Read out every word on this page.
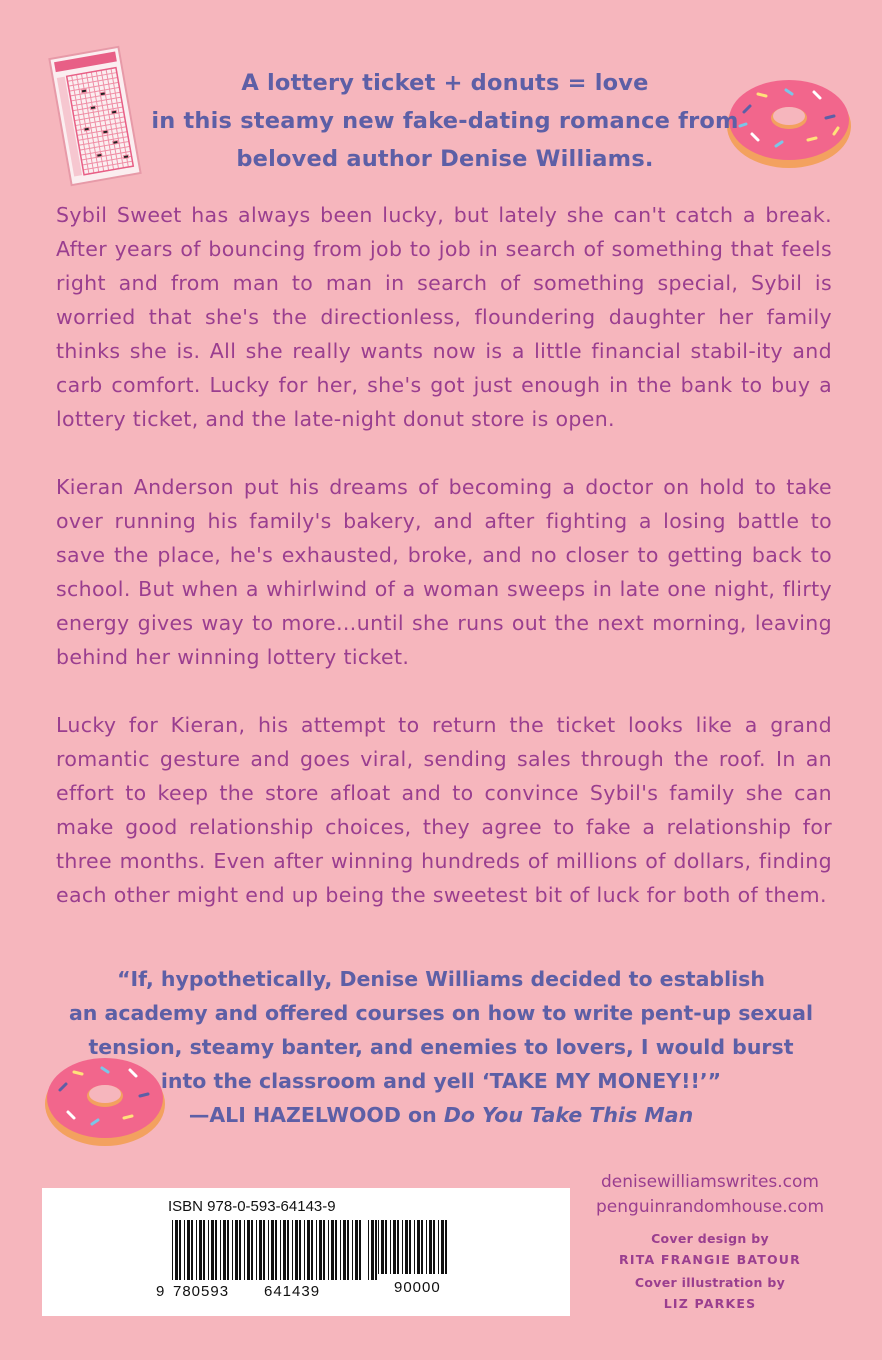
A lottery ticket + donuts = love
in this steamy new fake-dating romance from
beloved author Denise Williams.

Sybil Sweet has always been lucky, but lately she can't catch a break. After years of bouncing from job to job in search of something that feels right and from man to man in search of something special, Sybil is worried that she's the directionless, floundering daughter her family thinks she is. All she really wants now is a little financial stabil-ity and carb comfort. Lucky for her, she's got just enough in the bank to buy a lottery ticket, and the late-night donut store is open.

Kieran Anderson put his dreams of becoming a doctor on hold to take over running his family's bakery, and after fighting a losing battle to save the place, he's exhausted, broke, and no closer to getting back to school. But when a whirlwind of a woman sweeps in late one night, flirty energy gives way to more…until she runs out the next morning, leaving behind her winning lottery ticket.

Lucky for Kieran, his attempt to return the ticket looks like a grand romantic gesture and goes viral, sending sales through the roof. In an effort to keep the store afloat and to convince Sybil's family she can make good relationship choices, they agree to fake a relationship for three months. Even after winning hundreds of millions of dollars, finding each other might end up being the sweetest bit of luck for both of them.

“If, hypothetically, Denise Williams decided to establish
an academy and offered courses on how to write pent-up sexual
tension, steamy banter, and enemies to lovers, I would burst
into the classroom and yell ‘TAKE MY MONEY!!’”
—ALI HAZELWOOD on Do You Take This Man
ISBN 978-0-593-64143-9
9 780593 641439	90000
denisewilliamswrites.com
penguinrandomhouse.com
Cover design by
RITA FRANGIE BATOUR
Cover illustration by
LIZ PARKES
